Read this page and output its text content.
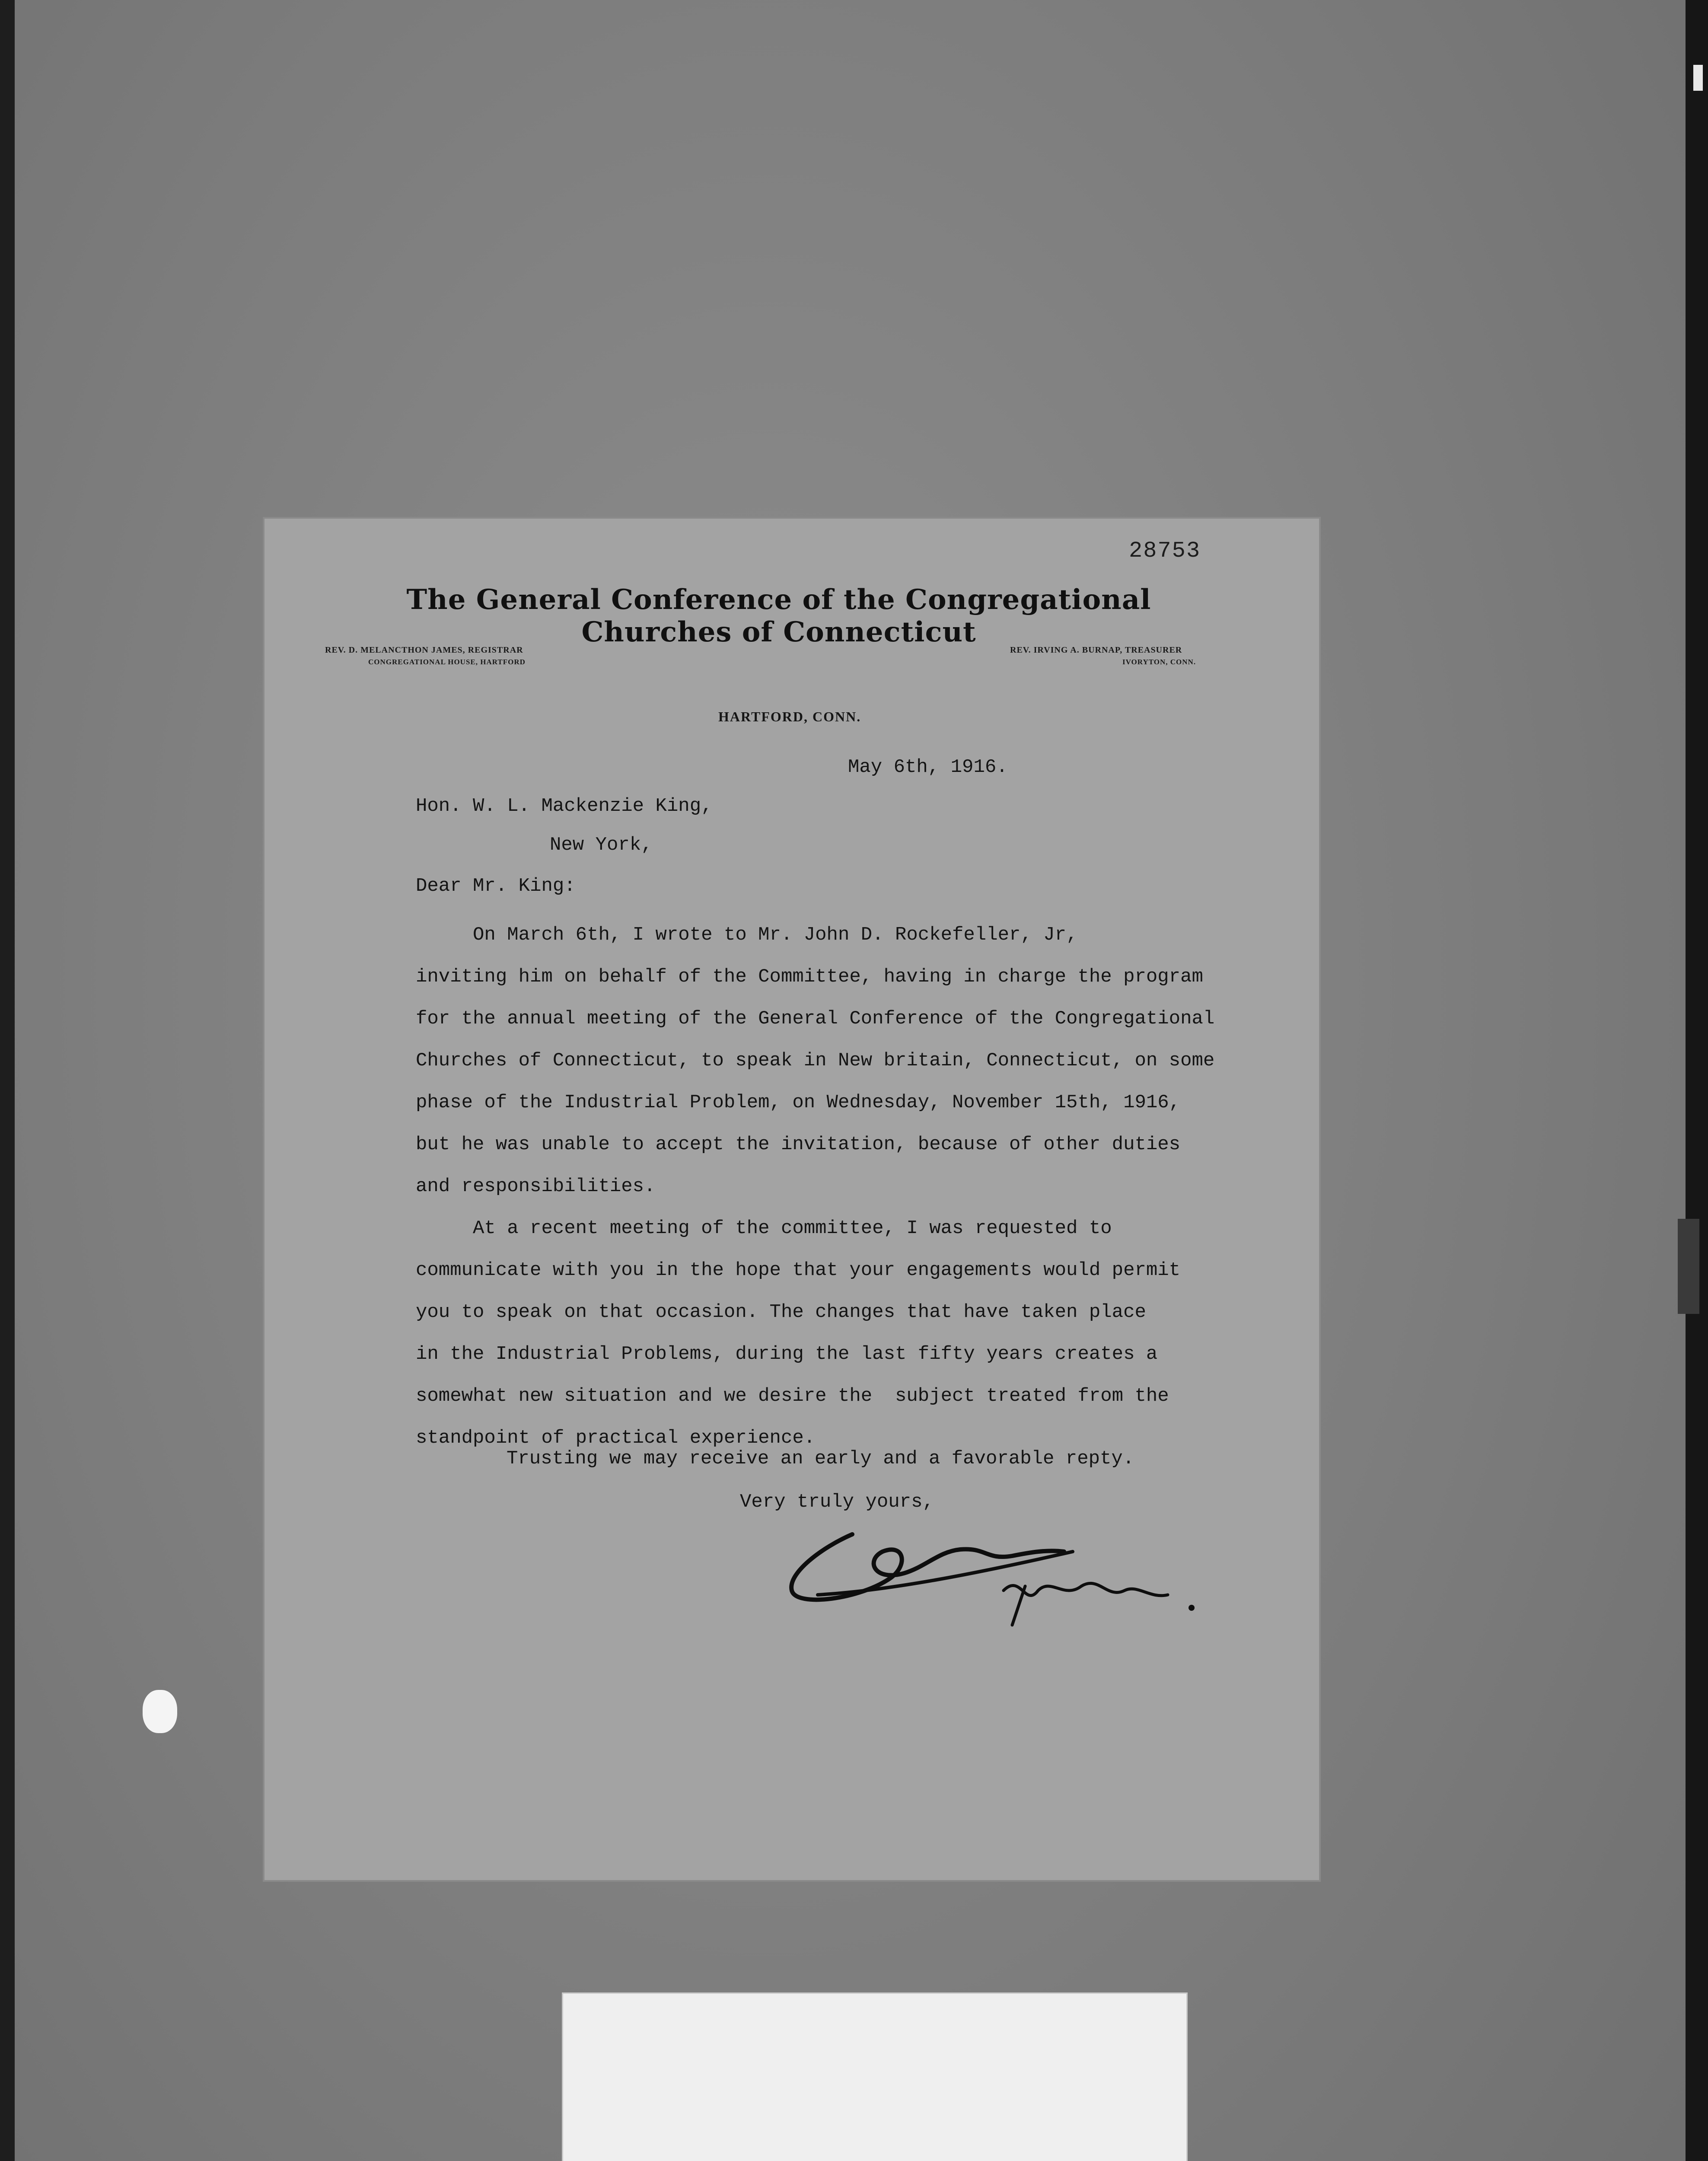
28753
The General Conference of the Congregational Churches of Connecticut
REV. D. MELANCTHON JAMES, REGISTRAR
CONGREGATIONAL HOUSE, HARTFORD
REV. IRVING A. BURNAP, TREASURER
IVORYTON, CONN.
HARTFORD, CONN.
May 6th, 1916.
Hon. W. L. Mackenzie King,
New York,
Dear Mr. King:
On March 6th, I wrote to Mr. John D. Rockefeller, Jr,
inviting him on behalf of the Committee, having in charge the program
for the annual meeting of the General Conference of the Congregational
Churches of Connecticut, to speak in New britain, Connecticut, on some
phase of the Industrial Problem, on Wednesday, November 15th, 1916,
but he was unable to accept the invitation, because of other duties
and responsibilities.
At a recent meeting of the committee, I was requested to
communicate with you in the hope that your engagements would permit
you to speak on that occasion. The changes that have taken place
in the Industrial Problems, during the last fifty years creates a
somewhat new situation and we desire the  subject treated from the
standpoint of practical experience.
Trusting we may receive an early and a favorable repty.
Very truly yours,
